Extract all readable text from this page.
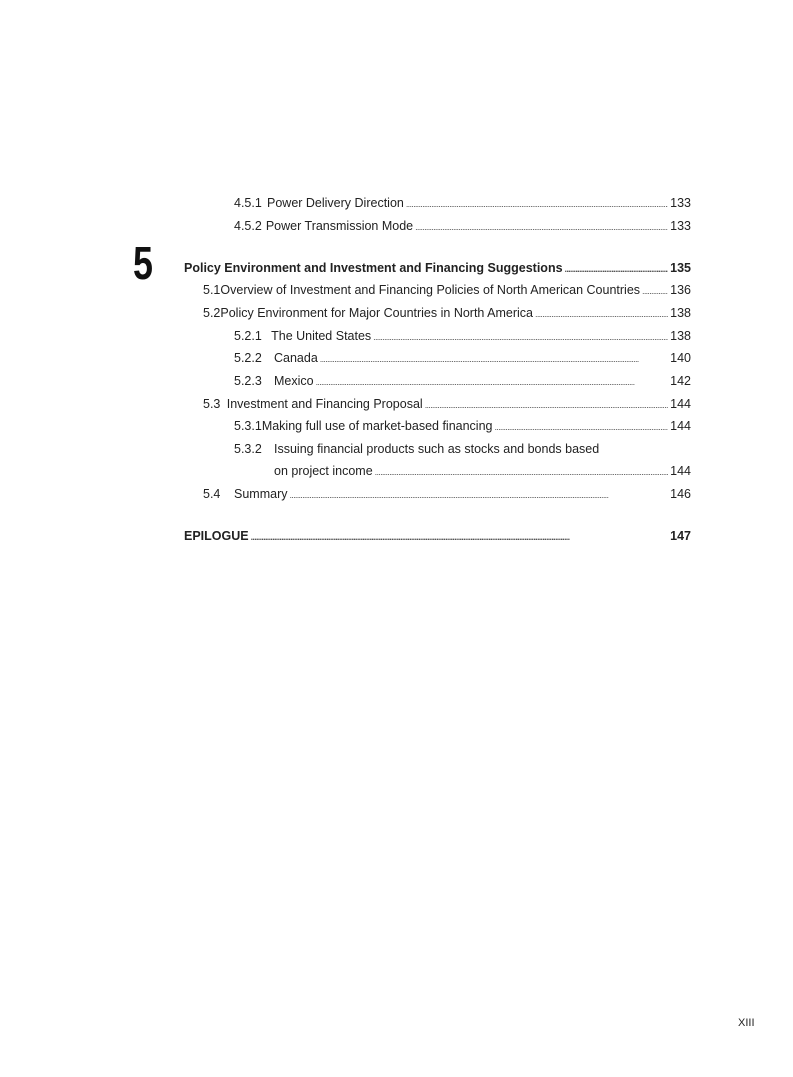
4.5.1 Power Delivery Direction . . .	133
4.5.2 Power Transmission Mode . . .	133
5	Policy Environment and Investment and Financing Suggestions . . .	135
5.1 Overview of Investment and Financing Policies of North American Countries . . . 136
5.2 Policy Environment for Major Countries in North America . . .	138
5.2.1 The United States . . .	138
5.2.2 Canada . . .	140
5.2.3 Mexico . . .	142
5.3 Investment and Financing Proposal . . .	144
5.3.1 Making full use of market-based financing . . .	144
5.3.2 Issuing financial products such as stocks and bonds based
on project income . . .	144
5.4	Summary . . .	146
EPILOGUE . . .	147
XIII
